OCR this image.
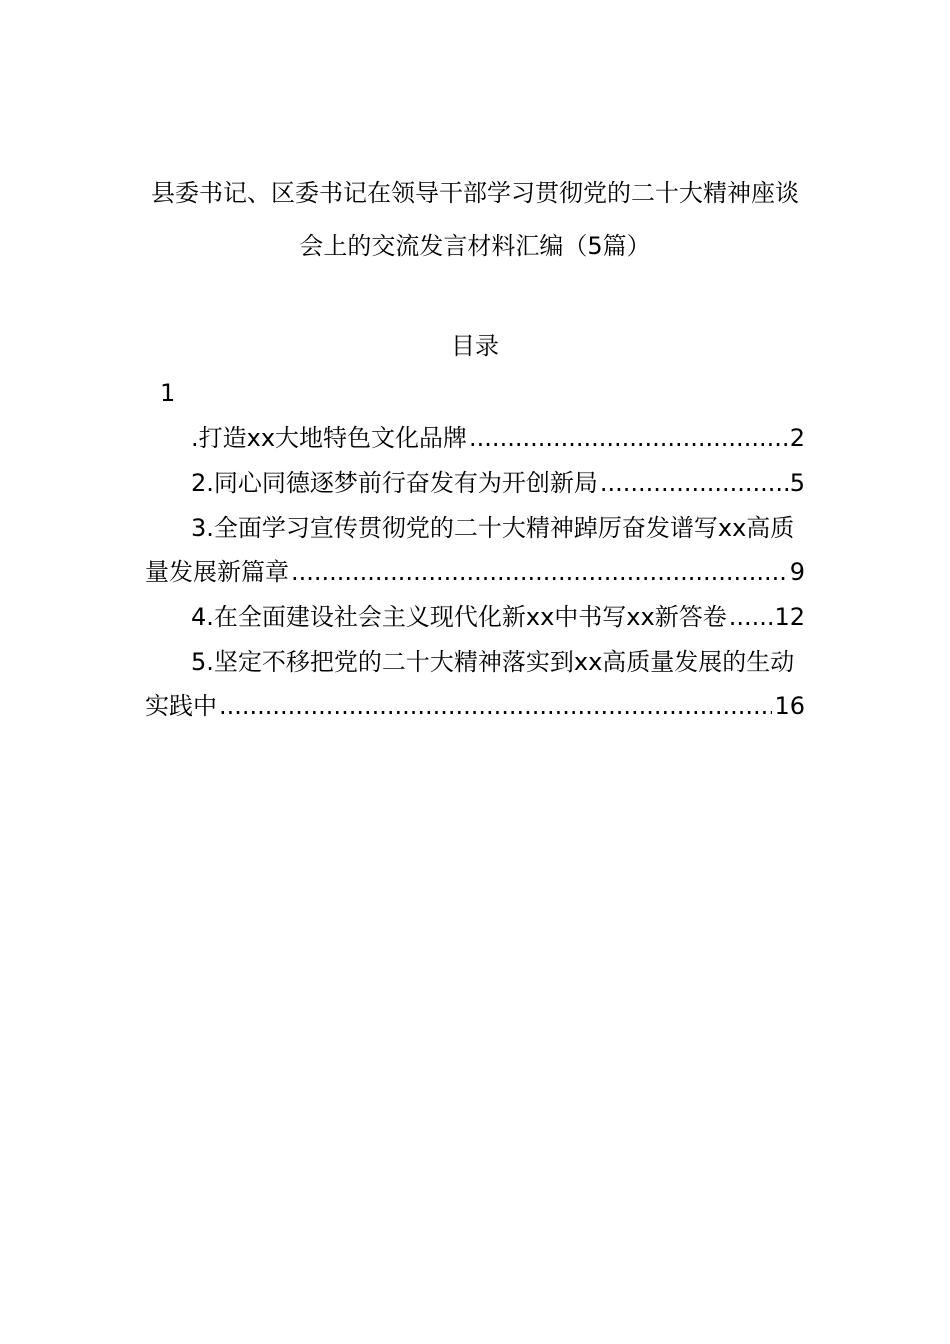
县委书记、区委书记在领导干部学习贯彻党的二十大精神座谈
会上的交流发言材料汇编（5篇）
目录
1
.打造xx大地特色文化品牌 .....	2
2.同心同德逐梦前行奋发有为开创新局 .....	5
3.全面学习宣传贯彻党的二十大精神踔厉奋发谱写xx高质
量发展新篇章 .....	9
4.在全面建设社会主义现代化新xx中书写xx新答卷 ..... 12
5.坚定不移把党的二十大精神落实到xx高质量发展的生动
实践中 .....	16
